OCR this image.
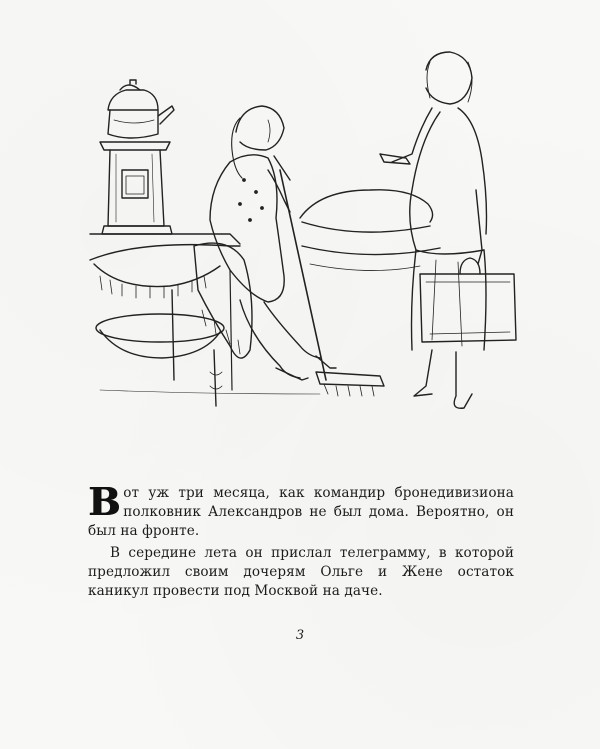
Вот уж три месяца, как командир бронедивизиона полковник Александров не был дома. Вероятно, он был на фронте.

В середине лета он прислал телеграмму, в которой предложил своим дочерям Ольге и Жене остаток каникул провести под Москвой на даче.

3
